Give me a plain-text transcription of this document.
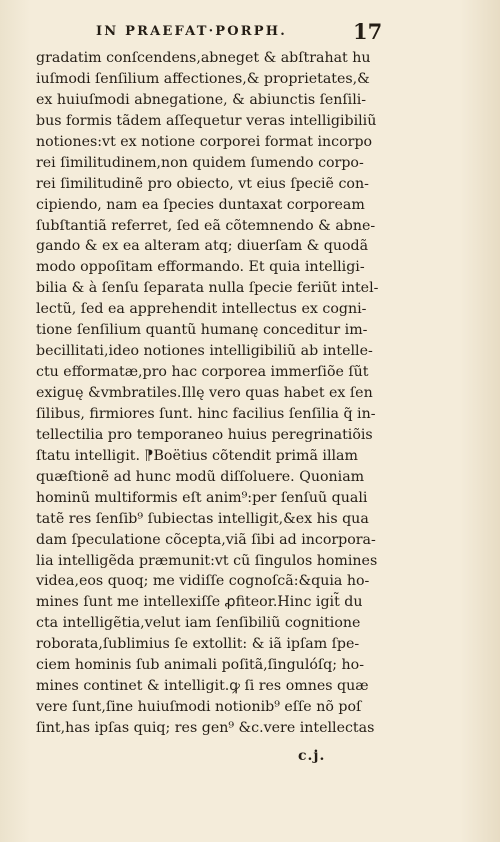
IN PRAEFAT·PORPH.	17
gradatim conſcendens,abneget & abſtrahat hu
iuſmodi ſenſilium affectiones,& proprietates,&
ex huiuſmodi abnegatione, & abiunctis ſenſili-
bus formis tãdem aſſequetur veras intelligibiliũ
notiones:vt ex notione corporei format incorpo
rei ſimilitudinem,non quidem ſumendo corpo-
rei ſimilitudinẽ pro obiecto, vt eius ſpeciẽ con-
cipiendo, nam ea ſpecies duntaxat corpoream
ſubſtantiã referret, ſed eã cõtemnendo & abne-
gando & ex ea alteram atq; diuerſam & quodã
modo oppoſitam efformando. Et quia intelligi-
bilia & à ſenſu ſeparata nulla ſpecie feriũt intel-
lectũ, ſed ea apprehendit intellectus ex cogni-
tione ſenſilium quantũ humanę conceditur im-
becillitati,ideo notiones intelligibiliũ ab intelle-
ctu efformatæ,pro hac corporea immerſiõe ſũt
exiguę &vmbratiles.Illę vero quas habet ex ſen
ſilibus, firmiores ſunt. hinc facilius ſenſilia q̃ in-
tellectilia pro temporaneo huius peregrinatiõis
ſtatu intelligit. ⁋Boëtius cõtendit primã illam
quæſtionẽ ad hunc modũ diſſoluere. Quoniam
hominũ multiformis eſt anim⁹:per ſenſuũ quali
tatẽ res ſenſib⁹ ſubiectas intelligit,&ex his qua
dam ſpeculatione cõcepta,viã ſibi ad incorpora-
lia intelligẽda præmunit:vt cũ ſingulos homines
videa,eos quoq; me vidiſſe cognoſcã:&quia ho-
mines ſunt me intellexiſſe ꝓfiteor.Hinc igit̃ du
cta intelligẽtia,velut iam ſenſibiliũ cognitione
roborata,ſublimius ſe extollit: & iã ipſam ſpe-
ciem hominis ſub animali poſitã,ſingulóſq; ho-
mines continet & intelligit.ꝙ ſi res omnes quæ
vere ſunt,ſine huiuſmodi notionib⁹ eſſe nõ poſ
ſint,has ipſas quiq; res gen⁹ &c.vere intellectas
c.j.
